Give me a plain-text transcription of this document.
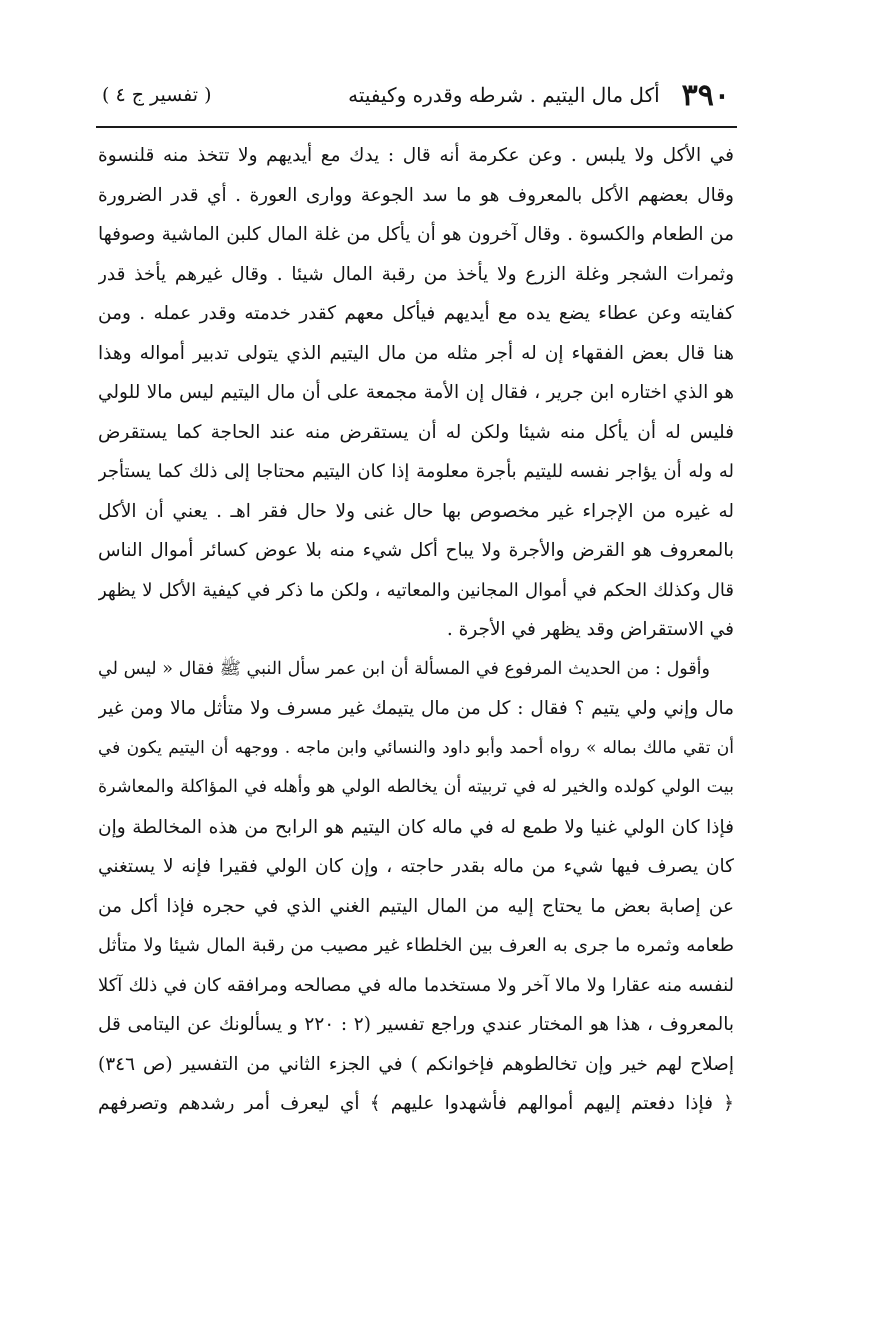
٣٩٠
أكل مال اليتيم . شرطه وقدره وكيفيته
( تفسير ج ٤ )
في الأكل ولا يلبس . وعن عكرمة أنه قال : يدك مع أيديهم ولا تتخذ منه قلنسوة
وقال بعضهم الأكل بالمعروف هو ما سد الجوعة ووارى العورة . أي قدر الضرورة
من الطعام والكسوة . وقال آخرون هو أن يأكل من غلة المال كلبن الماشية وصوفها
وثمرات الشجر وغلة الزرع ولا يأخذ من رقبة المال شيئا . وقال غيرهم يأخذ قدر
كفايته وعن عطاء يضع يده مع أيديهم فيأكل معهم كقدر خدمته وقدر عمله . ومن
هنا قال بعض الفقهاء إن له أجر مثله من مال اليتيم الذي يتولى تدبير أمواله وهذا
هو الذي اختاره ابن جرير ، فقال إن الأمة مجمعة على أن مال اليتيم ليس مالا للولي
فليس له أن يأكل منه شيئا ولكن له أن يستقرض منه عند الحاجة كما يستقرض
له وله أن يؤاجر نفسه لليتيم بأجرة معلومة إذا كان اليتيم محتاجا إلى ذلك كما يستأجر
له غيره من الإجراء غير مخصوص بها حال غنى ولا حال فقر اهـ . يعني أن الأكل
بالمعروف هو القرض والأجرة ولا يباح أكل شيء منه بلا عوض كسائر أموال الناس
قال وكذلك الحكم في أموال المجانين والمعاتيه ، ولكن ما ذكر في كيفية الأكل لا يظهر
في الاستقراض وقد يظهر في الأجرة .
وأقول : من الحديث المرفوع في المسألة أن ابن عمر سأل النبي ﷺ فقال « ليس لي
مال وإني ولي يتيم ؟ فقال : كل من مال يتيمك غير مسرف ولا متأثل مالا ومن غير
أن تقي مالك بماله » رواه أحمد وأبو داود والنسائي وابن ماجه . ووجهه أن اليتيم يكون في
بيت الولي كولده والخير له في تربيته أن يخالطه الولي هو وأهله في المؤاكلة والمعاشرة
فإذا كان الولي غنيا ولا طمع له في ماله كان اليتيم هو الرابح من هذه المخالطة وإن
كان يصرف فيها شيء من ماله بقدر حاجته ، وإن كان الولي فقيرا فإنه لا يستغني
عن إصابة بعض ما يحتاج إليه من المال اليتيم الغني الذي في حجره فإذا أكل من
طعامه وثمره ما جرى به العرف بين الخلطاء غير مصيب من رقبة المال شيئا ولا متأثل
لنفسه منه عقارا ولا مالا آخر ولا مستخدما ماله في مصالحه ومرافقه كان في ذلك آكلا
بالمعروف ، هذا هو المختار عندي وراجع تفسير (٢ : ٢٢٠ و يسألونك عن اليتامى قل
إصلاح لهم خير وإن تخالطوهم فإخوانكم ) في الجزء الثاني من التفسير (ص ٣٤٦)
﴿ فإذا دفعتم إليهم أموالهم فأشهدوا عليهم ﴾ أي ليعرف أمر رشدهم وتصرفهم
